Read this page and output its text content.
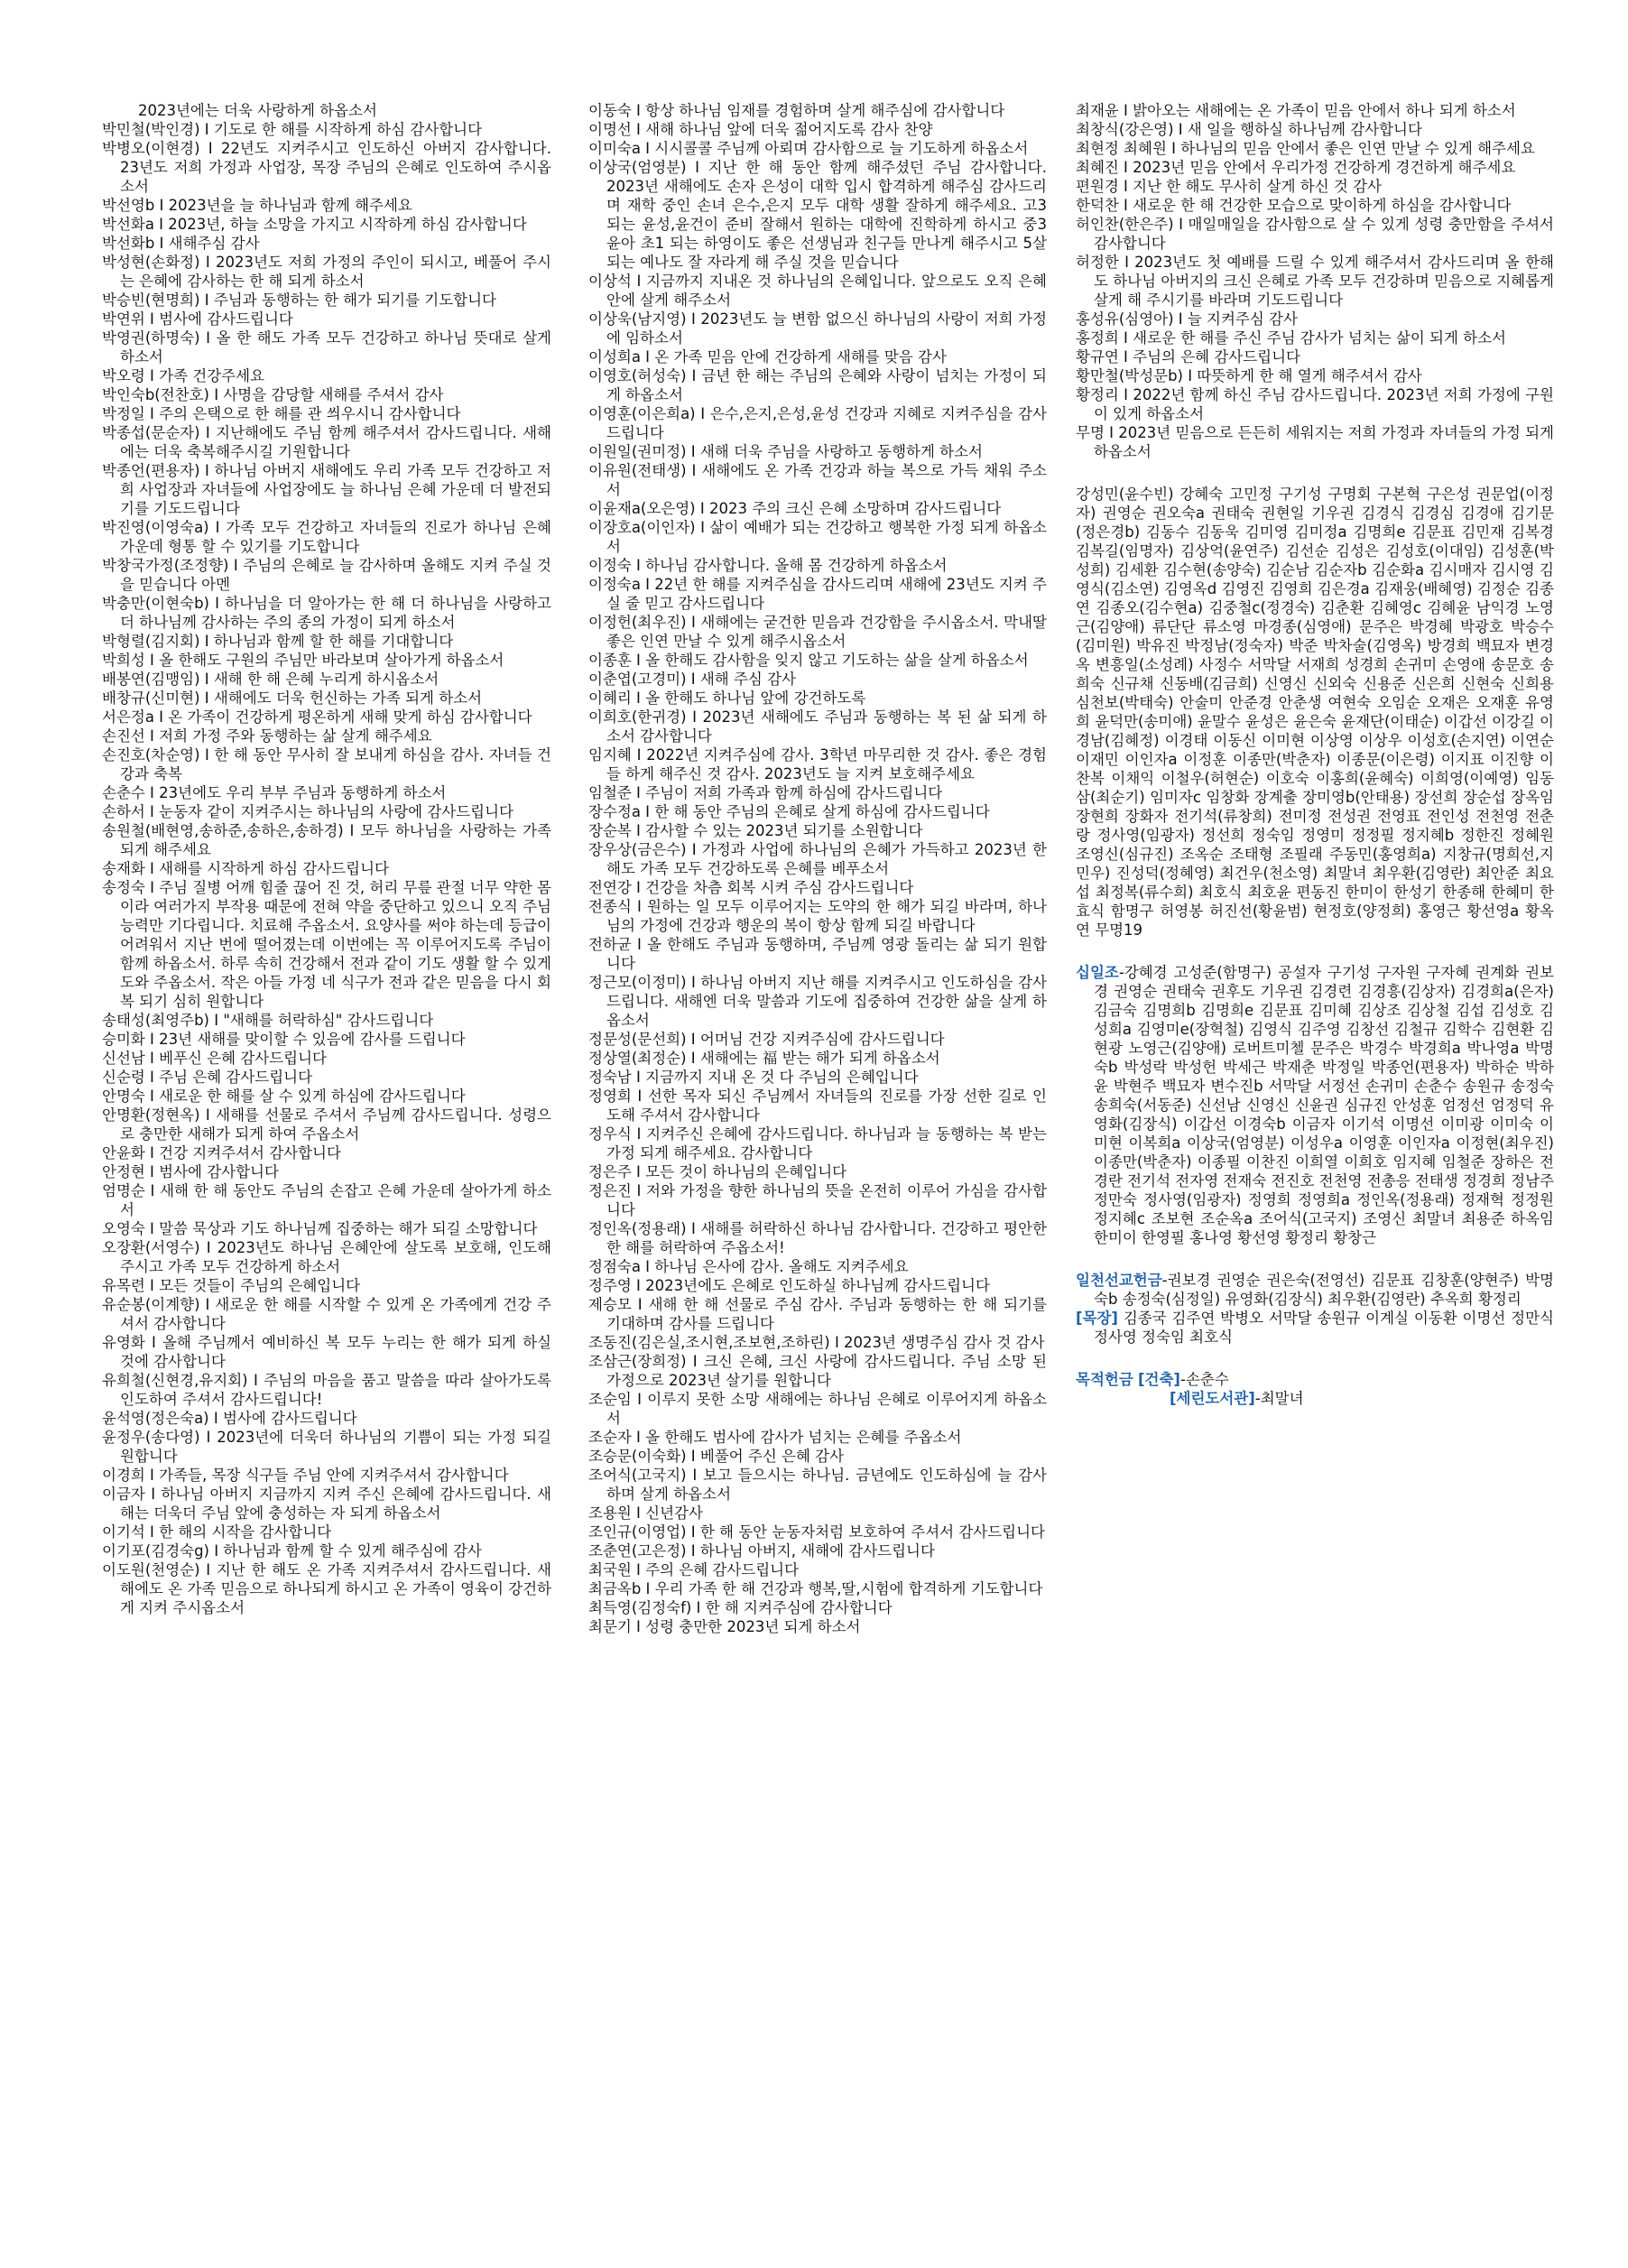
2023년에는 더욱 사랑하게 하옵소서

박민철(박인경) I 기도로 한 해를 시작하게 하심 감사합니다

박병오(이현경) I 22년도 지켜주시고 인도하신 아버지 감사합니다. 23년도 저희 가정과 사업장, 목장 주님의 은혜로 인도하여 주시옵소서

박선영b I 2023년을 늘 하나님과 함께 해주세요

박선화a I 2023년, 하늘 소망을 가지고 시작하게 하심 감사합니다

박선화b I 새해주심 감사

박성현(손화정) I 2023년도 저희 가정의 주인이 되시고, 베풀어 주시는 은혜에 감사하는 한 해 되게 하소서

박승빈(현명희) I 주님과 동행하는 한 해가 되기를 기도합니다

박연위 I 범사에 감사드립니다

박영권(하명숙) I 올 한 해도 가족 모두 건강하고 하나님 뜻대로 살게 하소서

박오령 I 가족 건강주세요

박인숙b(전찬호) I 사명을 감당할 새해를 주셔서 감사

박정일 I 주의 은택으로 한 해를 관 씌우시니 감사합니다

박종섭(문순자) I 지난해에도 주님 함께 해주셔서 감사드립니다. 새해에는 더욱 축복해주시길 기원합니다

박종언(편용자) I 하나님 아버지 새해에도 우리 가족 모두 건강하고 저희 사업장과 자녀들에 사업장에도 늘 하나님 은혜 가운데 더 발전되기를 기도드립니다

박진영(이영숙a) I 가족 모두 건강하고 자녀들의 진로가 하나님 은혜 가운데 형통 할 수 있기를 기도합니다

박창국가정(조정향) I 주님의 은혜로 늘 감사하며 올해도 지켜 주실 것을 믿습니다 아멘

박충만(이현숙b) I 하나님을 더 알아가는 한 해 더 하나님을 사랑하고 더 하나님께 감사하는 주의 종의 가정이 되게 하소서

박형렬(김지회) I 하나님과 함께 할 한 해를 기대합니다

박희성 I 올 한해도 구원의 주님만 바라보며 살아가게 하옵소서

배봉연(김맹임) I 새해 한 해 은혜 누리게 하시옵소서

배창규(신미현) I 새해에도 더욱 헌신하는 가족 되게 하소서

서은정a I 온 가족이 건강하게 평온하게 새해 맞게 하심 감사합니다

손진선 I 저희 가정 주와 동행하는 삶 살게 해주세요

손진호(차순영) I 한 해 동안 무사히 잘 보내게 하심을 감사. 자녀들 건강과 축복

손춘수 I 23년에도 우리 부부 주님과 동행하게 하소서

손하서 I 눈동자 같이 지켜주시는 하나님의 사랑에 감사드립니다

송원철(배현영,송하준,송하은,송하경) I 모두 하나님을 사랑하는 가족 되게 해주세요

송재화 I 새해를 시작하게 하심 감사드립니다

송정숙 I 주님 질병 어깨 힘줄 끊어 진 것, 허리 무릎 관절 너무 약한 몸이라 여러가지 부작용 때문에 전혀 약을 중단하고 있으니 오직 주님 능력만 기다립니다. 치료해 주옵소서. 요양사를 써야 하는데 등급이 어려워서 지난 번에 떨어졌는데 이번에는 꼭 이루어지도록 주님이 함께 하옵소서. 하루 속히 건강해서 전과 같이 기도 생활 할 수 있게 도와 주옵소서. 작은 아들 가정 네 식구가 전과 같은 믿음을 다시 회복 되기 심히 원합니다

송태성(최영주b) I "새해를 허락하심" 감사드립니다

승미화 I 23년 새해를 맞이할 수 있음에 감사를 드립니다

신선남 I 베푸신 은혜 감사드립니다

신순령 I 주님 은혜 감사드립니다

안명숙 I 새로운 한 해를 살 수 있게 하심에 감사드립니다

안명환(정현옥) I 새해를 선물로 주셔서 주님께 감사드립니다. 성령으로 충만한 새해가 되게 하여 주옵소서

안윤화 I 건강 지켜주셔서 감사합니다

안정현 I 범사에 감사합니다

엄명순 I 새해 한 해 동안도 주님의 손잡고 은혜 가운데 살아가게 하소서

오영숙 I 말씀 묵상과 기도 하나님께 집중하는 해가 되길 소망합니다

오장환(서영수) I 2023년도 하나님 은혜안에 살도록 보호해, 인도해주시고 가족 모두 건강하게 하소서

유목련 I 모든 것들이 주님의 은혜입니다

유순봉(이계향) I 새로운 한 해를 시작할 수 있게 온 가족에게 건강 주셔서 감사합니다

유영화 I 올해 주님께서 예비하신 복 모두 누리는 한 해가 되게 하실 것에 감사합니다

유희철(신현경,유지회) I 주님의 마음을 품고 말씀을 따라 살아가도록 인도하여 주셔서 감사드립니다!

윤석영(정은숙a) I 범사에 감사드립니다

윤정우(송다영) I 2023년에 더욱더 하나님의 기쁨이 되는 가정 되길 원합니다

이경희 I 가족들, 목장 식구들 주님 안에 지켜주셔서 감사합니다

이금자 I 하나님 아버지 지금까지 지켜 주신 은혜에 감사드립니다. 새해는 더욱더 주님 앞에 충성하는 자 되게 하옵소서

이기석 I 한 해의 시작을 감사합니다

이기포(김경숙g) I 하나님과 함께 할 수 있게 해주심에 감사

이도원(천영순) I 지난 한 해도 온 가족 지켜주셔서 감사드립니다. 새해에도 온 가족 믿음으로 하나되게 하시고 온 가족이 영육이 강건하게 지켜 주시옵소서

이동숙 I 항상 하나님 임재를 경험하며 살게 해주심에 감사합니다

이명선 I 새해 하나님 앞에 더욱 젊어지도록 감사 찬양

이미숙a I 시시콜콜 주님께 아뢰며 감사함으로 늘 기도하게 하옵소서

이상국(엄영분) I 지난 한 해 동안 함께 해주셨던 주님 감사합니다. 2023년 새해에도 손자 은성이 대학 입시 합격하게 해주심 감사드리며 재학 중인 손녀 은수,은지 모두 대학 생활 잘하게 해주세요. 고3 되는 윤성,윤건이 준비 잘해서 원하는 대학에 진학하게 하시고 중3 윤아 초1 되는 하영이도 좋은 선생님과 친구들 만나게 해주시고 5살 되는 예나도 잘 자라게 해 주실 것을 믿습니다

이상석 I 지금까지 지내온 것 하나님의 은혜입니다. 앞으로도 오직 은혜 안에 살게 해주소서

이상욱(남지영) I 2023년도 늘 변함 없으신 하나님의 사랑이 저희 가정에 임하소서

이성희a I 온 가족 믿음 안에 건강하게 새해를 맞음 감사

이영호(허성숙) I 금년 한 해는 주님의 은혜와 사랑이 넘치는 가정이 되게 하옵소서

이영훈(이은희a) I 은수,은지,은성,윤성 건강과 지혜로 지켜주심을 감사드립니다

이원일(권미정) I 새해 더욱 주님을 사랑하고 동행하게 하소서

이유원(전태생) I 새해에도 온 가족 건강과 하늘 복으로 가득 채워 주소서

이윤재a(오은영) I 2023 주의 크신 은혜 소망하며 감사드립니다

이장호a(이인자) I 삶이 예배가 되는 건강하고 행복한 가정 되게 하옵소서

이정숙 I 하나님 감사합니다. 올해 몸 건강하게 하옵소서

이정숙a I 22년 한 해를 지켜주심을 감사드리며 새해에 23년도 지켜 주실 줄 믿고 감사드립니다

이정헌(최우진) I 새해에는 굳건한 믿음과 건강함을 주시옵소서. 막내딸 좋은 인연 만날 수 있게 해주시옵소서

이종훈 I 올 한해도 감사함을 잊지 않고 기도하는 삶을 살게 하옵소서

이춘엽(고경미) I 새해 주심 감사

이혜리 I 올 한해도 하나님 앞에 강건하도록

이희호(한귀경) I 2023년 새해에도 주님과 동행하는 복 된 삶 되게 하소서 감사합니다

임지혜 I 2022년 지켜주심에 감사. 3학년 마무리한 것 감사. 좋은 경험들 하게 해주신 것 감사. 2023년도 늘 지켜 보호해주세요

임철준 I 주님이 저희 가족과 함께 하심에 감사드립니다

장수정a I 한 해 동안 주님의 은혜로 살게 하심에 감사드립니다

장순복 I 감사할 수 있는 2023년 되기를 소원합니다

장우상(금은수) I 가정과 사업에 하나님의 은혜가 가득하고 2023년 한 해도 가족 모두 건강하도록 은혜를 베푸소서

전연강 I 건강을 차츰 회복 시켜 주심 감사드립니다

전종식 I 원하는 일 모두 이루어지는 도약의 한 해가 되길 바라며, 하나님의 가정에 건강과 행운의 복이 항상 함께 되길 바랍니다

전하균 I 올 한해도 주님과 동행하며, 주님께 영광 돌리는 삶 되기 원합니다

정근모(이정미) I 하나님 아버지 지난 해를 지켜주시고 인도하심을 감사드립니다. 새해엔 더욱 말씀과 기도에 집중하여 건강한 삶을 살게 하옵소서

정문성(문선희) I 어머님 건강 지켜주심에 감사드립니다

정상열(최정순) I 새해에는 福 받는 해가 되게 하옵소서

정숙남 I 지금까지 지내 온 것 다 주님의 은혜입니다

정영희 I 선한 목자 되신 주님께서 자녀들의 진로를 가장 선한 길로 인도해 주셔서 감사합니다

정우식 I 지켜주신 은혜에 감사드립니다. 하나님과 늘 동행하는 복 받는 가정 되게 해주세요. 감사합니다

정은주 I 모든 것이 하나님의 은혜입니다

정은진 I 저와 가정을 향한 하나님의 뜻을 온전히 이루어 가심을 감사합니다

정인옥(정용래) I 새해를 허락하신 하나님 감사합니다. 건강하고 평안한 한 해를 허락하여 주옵소서!

정점숙a I 하나님 은사에 감사. 올해도 지켜주세요

정주영 I 2023년에도 은혜로 인도하실 하나님께 감사드립니다

제승모 I 새해 한 해 선물로 주심 감사. 주님과 동행하는 한 해 되기를 기대하며 감사를 드립니다

조동진(김은실,조시현,조보현,조하린) I 2023년 생명주심 감사 것 감사

조삼근(장희정) I 크신 은혜, 크신 사랑에 감사드립니다. 주님 소망 된 가정으로 2023년 살기를 원합니다

조순임 I 이루지 못한 소망 새해에는 하나님 은혜로 이루어지게 하옵소서

조순자 I 올 한해도 범사에 감사가 넘치는 은혜를 주옵소서

조승문(이숙화) I 베풀어 주신 은혜 감사

조어식(고국지) I 보고 들으시는 하나님. 금년에도 인도하심에 늘 감사하며 살게 하옵소서

조용원 I 신년감사

조인규(이영업) I 한 해 동안 눈동자처럼 보호하여 주셔서 감사드립니다

조춘연(고은정) I 하나님 아버지, 새해에 감사드립니다

최국원 I 주의 은혜 감사드립니다

최금옥b I 우리 가족 한 해 건강과 행복,딸,시험에 합격하게 기도합니다

최득영(김정숙f) I 한 해 지켜주심에 감사합니다

최문기 I 성령 충만한 2023년 되게 하소서

최재윤 I 밝아오는 새해에는 온 가족이 믿음 안에서 하나 되게 하소서

최창식(강은영) I 새 일을 행하실 하나님께 감사합니다

최현정 최혜원 I 하나님의 믿음 안에서 좋은 인연 만날 수 있게 해주세요

최혜진 I 2023년 믿음 안에서 우리가정 건강하게 경건하게 해주세요

편원경 I 지난 한 해도 무사히 살게 하신 것 감사

한덕찬 I 새로운 한 해 건강한 모습으로 맞이하게 하심을 감사합니다

허인찬(한은주) I 매일매일을 감사함으로 살 수 있게 성령 충만함을 주셔서 감사합니다

허정한 I 2023년도 첫 예배를 드릴 수 있게 해주셔서 감사드리며 올 한해도 하나님 아버지의 크신 은혜로 가족 모두 건강하며 믿음으로 지혜롭게 살게 해 주시기를 바라며 기도드립니다

홍성유(심영아) I 늘 지켜주심 감사

홍정희 I 새로운 한 해를 주신 주님 감사가 넘치는 삶이 되게 하소서

황규연 I 주님의 은혜 감사드립니다

황만철(박성문b) I 따뜻하게 한 해 열게 해주셔서 감사

황정리 I 2022년 함께 하신 주님 감사드립니다. 2023년 저희 가정에 구원이 있게 하옵소서

무명 I 2023년 믿음으로 든든히 세워지는 저희 가정과 자녀들의 가정 되게 하옵소서

강성민(윤수빈) 강혜숙 고민정 구기성 구명회 구본혁 구은성 권문업(이정자) 권영순 권오숙a 권태숙 권현일 기우권 김경식 김경심 김경애 김기문(정은경b) 김동수 김동욱 김미영 김미정a 김명희e 김문표 김민재 김복경 김복길(임명자) 김상억(윤연주) 김선순 김성은 김성호(이대임) 김성훈(박성희) 김세환 김수현(송양숙) 김순남 김순자b 김순화a 김시매자 김시영 김영식(김소연) 김영옥d 김영진 김영희 김은경a 김재웅(배혜영) 김정순 김종연 김종오(김수현a) 김중철c(정경숙) 김춘환 김혜영c 김혜윤 남익경 노영근(김양애) 류단단 류소영 마경종(심영애) 문주은 박경혜 박광호 박승수(김미원) 박유진 박정남(정숙자) 박준 박차술(김영옥) 방경희 백묘자 변경옥 변흥일(소성례) 사정수 서막달 서재희 성경희 손귀미 손영애 송문호 송희숙 신규채 신동배(김금희) 신영신 신외숙 신용준 신은희 신현숙 신희용 심천보(박태숙) 안술미 안준경 안춘생 여현숙 오임순 오재은 오재훈 유영희 윤덕만(송미애) 윤말수 윤성은 윤은숙 윤재단(이태순) 이갑선 이강길 이경남(김혜정) 이경태 이동신 이미현 이상영 이상우 이성호(손지연) 이연순 이재민 이인자a 이정훈 이종만(박춘자) 이종문(이은령) 이지표 이진향 이찬복 이채익 이철우(허현순) 이호숙 이홍희(윤혜숙) 이희영(이예영) 임동삼(최순기) 임미자c 임창화 장계출 장미영b(안태용) 장선희 장순섭 장옥임 장현희 장화자 전기석(류창희) 전미정 전성권 전영표 전인성 전천영 전춘랑 정사영(임광자) 정선희 정숙임 정영미 정정필 정지혜b 정한진 정혜원 조영신(심규진) 조옥순 조태형 조필래 주동민(홍영희a) 지창규(명희선,지민우) 진성덕(정혜영) 최건우(천소영) 최말녀 최우환(김영란) 최안준 최요섭 최정복(류수희) 최호식 최호윤 편동진 한미이 한성기 한종해 한혜미 한효식 함명구 허영봉 허진선(황윤범) 현정호(양정희) 홍영근 황선영a 황옥연 무명19

십일조-강혜경 고성준(함명구) 공설자 구기성 구자원 구자혜 권계화 권보경 권영순 권태숙 권후도 기우권 김경련 김경흥(김상자) 김경희a(은자) 김금숙 김명희b 김명희e 김문표 김미혜 김상조 김상철 김섭 김성호 김성희a 김영미e(장혁철) 김영식 김주영 김창선 김철규 김학수 김현환 김현광 노영근(김양애) 로버트미첼 문주은 박경수 박경희a 박나영a 박명숙b 박성락 박성헌 박세근 박재춘 박정일 박종언(편용자) 박하순 박하윤 박현주 백묘자 변수진b 서막달 서정선 손귀미 손춘수 송원규 송정숙 송희숙(서동준) 신선남 신영신 신윤권 심규진 안성훈 엄정선 엄정덕 유영화(김장식) 이갑선 이경숙b 이금자 이기석 이명선 이미광 이미숙 이미현 이복희a 이상국(엄영분) 이성우a 이영훈 이인자a 이정현(최우진) 이종만(박춘자) 이종필 이찬진 이희열 이희호 임지혜 임철준 장하은 전경란 전기석 전자영 전재숙 전진호 전천영 전총응 전태생 정경희 정남주 정만숙 정사영(임광자) 정영희 정영희a 정인옥(정용래) 정재혁 정정원 정지혜c 조보현 조순옥a 조어식(고국지) 조영신 최말녀 최용준 하옥임 한미이 한영필 홍나영 황선영 황정리 황창근

일천선교헌금-권보경 권영순 권은숙(전영선) 김문표 김창훈(양현주) 박명숙b 송정숙(심정일) 유영화(김장식) 최우환(김영란) 추옥희 황정리

[목장] 김종국 김주연 박병오 서막달 송원규 이계실 이동환 이명선 정만식 정사영 정숙임 최호식

목적헌금 [건축]-손춘수

[세린도서관]-최말녀
